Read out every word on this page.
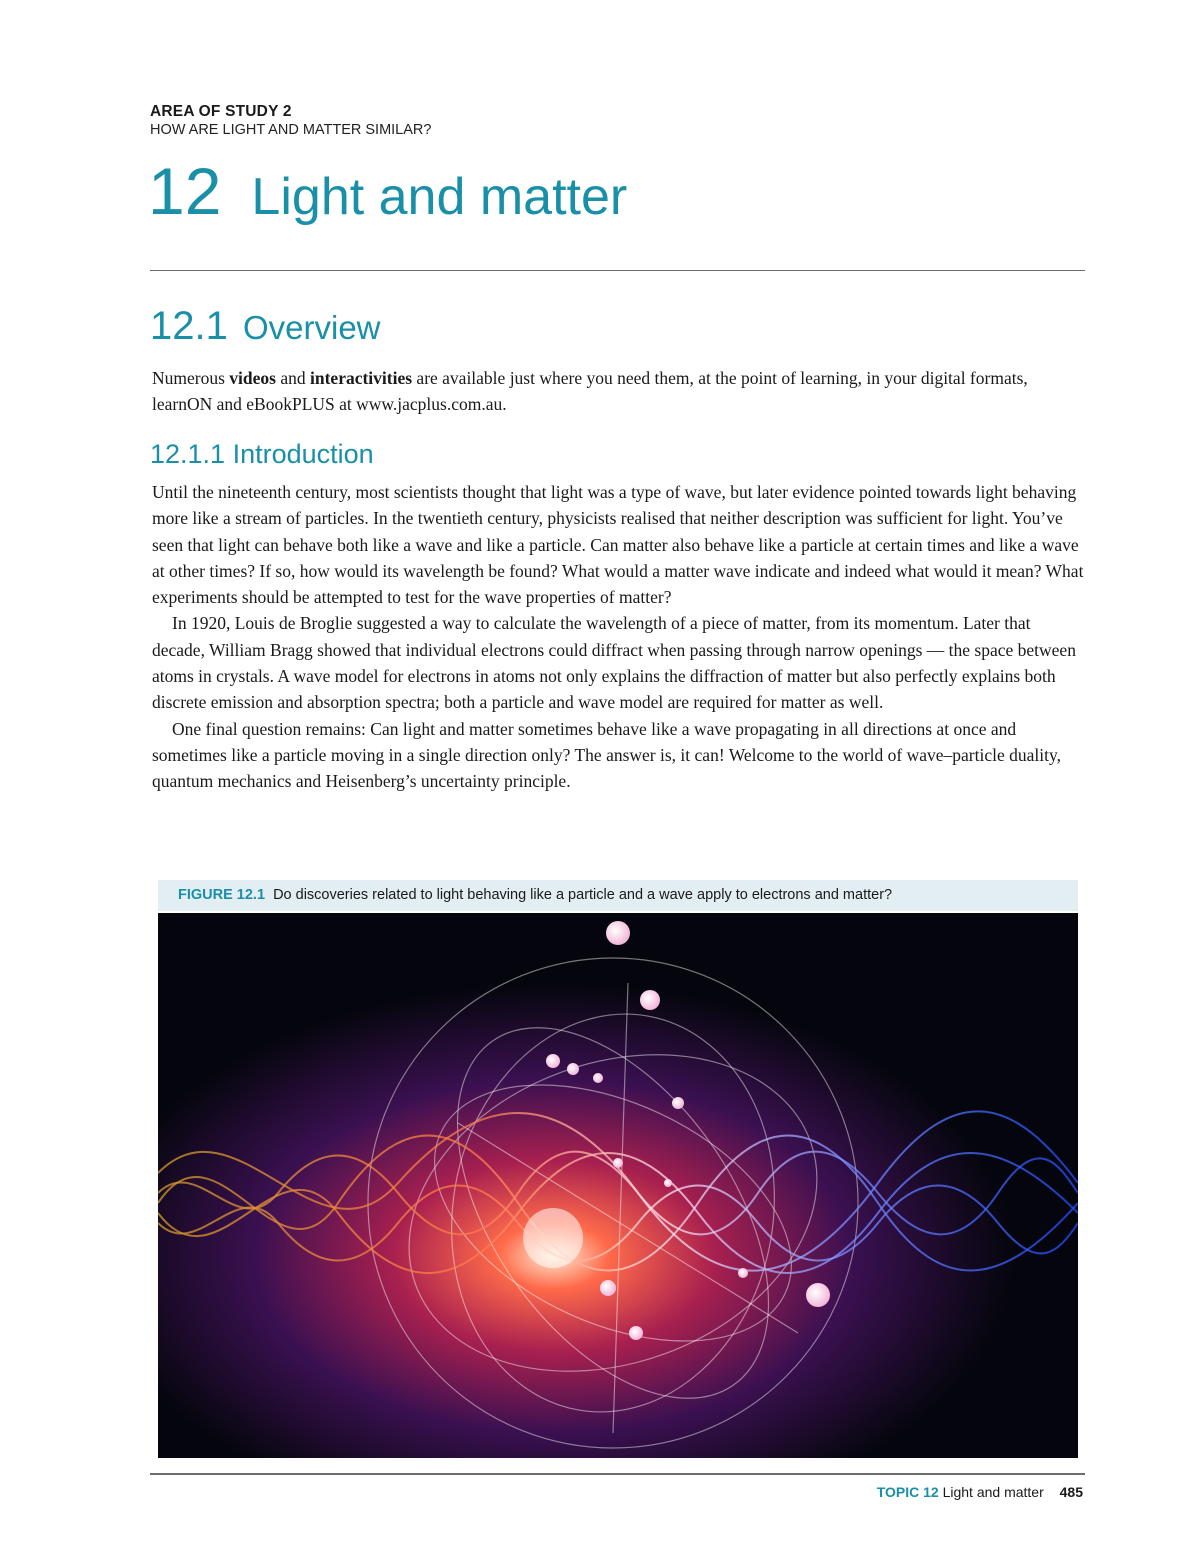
AREA OF STUDY 2
HOW ARE LIGHT AND MATTER SIMILAR?
12 Light and matter
12.1 Overview
Numerous videos and interactivities are available just where you need them, at the point of learning, in your digital formats, learnON and eBookPLUS at www.jacplus.com.au.
12.1.1 Introduction

Until the nineteenth century, most scientists thought that light was a type of wave, but later evidence pointed towards light behaving more like a stream of particles. In the twentieth century, physicists realised that neither description was sufficient for light. You’ve seen that light can behave both like a wave and like a particle. Can matter also behave like a particle at certain times and like a wave at other times? If so, how would its wavelength be found? What would a matter wave indicate and indeed what would it mean? What experiments should be attempted to test for the wave properties of matter?

In 1920, Louis de Broglie suggested a way to calculate the wavelength of a piece of matter, from its momentum. Later that decade, William Bragg showed that individual electrons could diffract when passing through narrow openings — the space between atoms in crystals. A wave model for electrons in atoms not only explains the diffraction of matter but also perfectly explains both discrete emission and absorption spectra; both a particle and wave model are required for matter as well.

One final question remains: Can light and matter sometimes behave like a wave propagating in all directions at once and sometimes like a particle moving in a single direction only? The answer is, it can! Welcome to the world of wave–particle duality, quantum mechanics and Heisenberg’s uncertainty principle.

FIGURE 12.1 Do discoveries related to light behaving like a particle and a wave apply to electrons and matter?
TOPIC 12 Light and matter 485
